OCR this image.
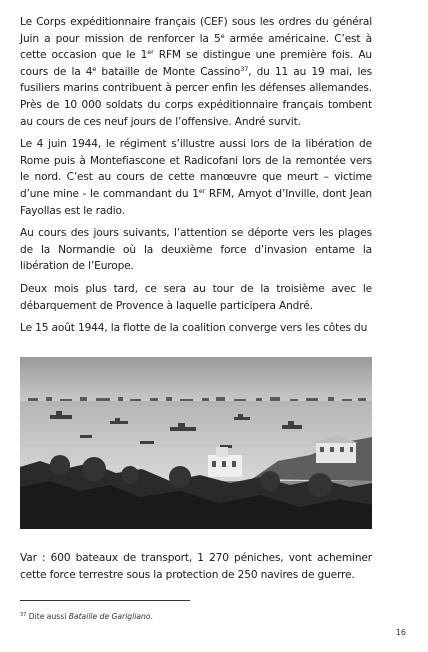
Le Corps expéditionnaire français (CEF) sous les ordres du général Juin a pour mission de renforcer la 5e armée américaine. C’est à cette occasion que le 1er RFM se distingue une première fois. Au cours de la 4e bataille de Monte Cassino$^{37}$, du 11 au 19 mai, les fusiliers marins contribuent à percer enfin les défenses allemandes. Près de 10 000 soldats du corps expéditionnaire français tombent au cours de ces neuf jours de l’offensive. André survit.

Le 4 juin 1944, le régiment s’illustre aussi lors de la libération de Rome puis à Montefiascone et Radicofani lors de la remontée vers le nord. C’est au cours de cette manœuvre que meurt – victime d’une mine - le commandant du 1er RFM, Amyot d’Inville, dont Jean Fayollas est le radio.

Au cours des jours suivants, l’attention se déporte vers les plages de la Normandie où la deuxième force d’invasion entame la libération de l’Europe.

Deux mois plus tard, ce sera au tour de la troisième avec le débarquement de Provence à laquelle participera André.

Le 15 août 1944, la flotte de la coalition converge vers les côtes du

Var : 600 bateaux de transport, 1 270 péniches, vont acheminer cette force terrestre sous la protection de 250 navires de guerre.

$^{37}$ Dite aussi Bataille de Garigliano.
16
